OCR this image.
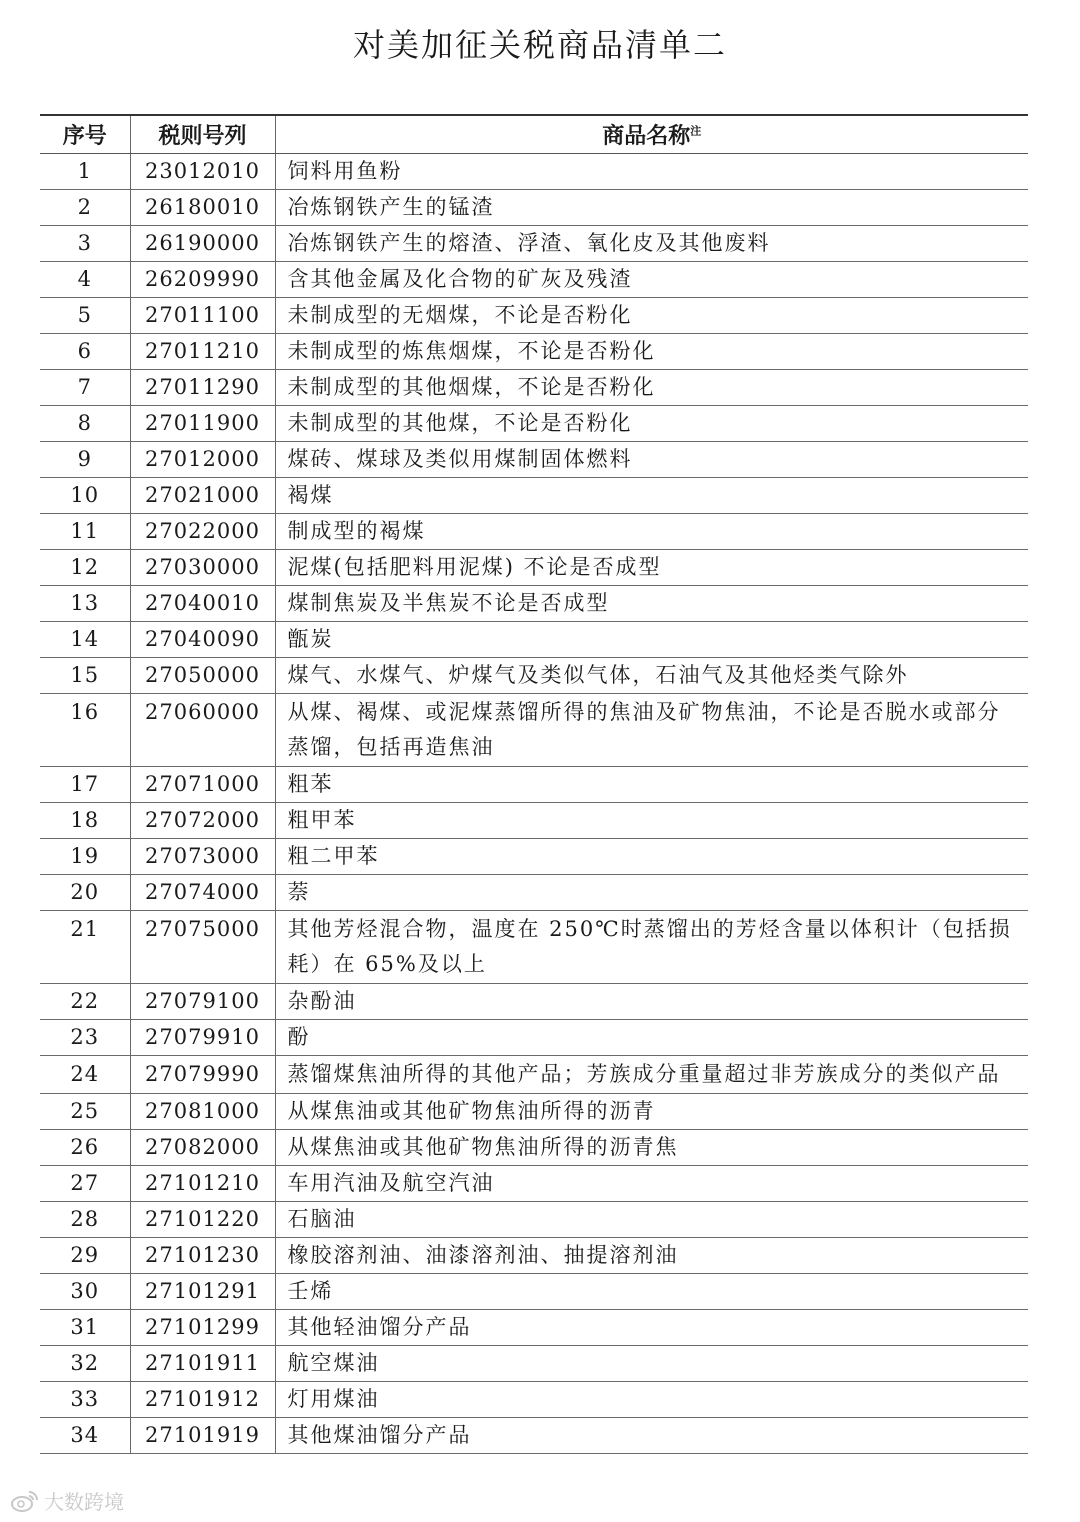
对美加征关税商品清单二
序号	税则号列	商品名称$^注$
1	23012010	饲料用鱼粉
2	26180010	冶炼钢铁产生的锰渣
3	26190000	冶炼钢铁产生的熔渣、浮渣、氧化皮及其他废料
4	26209990	含其他金属及化合物的矿灰及残渣
5	27011100	未制成型的无烟煤，不论是否粉化
6	27011210	未制成型的炼焦烟煤，不论是否粉化
7	27011290	未制成型的其他烟煤，不论是否粉化
8	27011900	未制成型的其他煤，不论是否粉化
9	27012000	煤砖、煤球及类似用煤制固体燃料
10	27021000	褐煤
11	27022000	制成型的褐煤
12	27030000	泥煤(包括肥料用泥煤) 不论是否成型
13	27040010	煤制焦炭及半焦炭不论是否成型
14	27040090	甑炭
15	27050000	煤气、水煤气、炉煤气及类似气体，石油气及其他烃类气除外
16	27060000	从煤、褐煤、或泥煤蒸馏所得的焦油及矿物焦油，不论是否脱水或部分蒸馏，包括再造焦油
17	27071000	粗苯
18	27072000	粗甲苯
19	27073000	粗二甲苯
20	27074000	萘
21	27075000	其他芳烃混合物，温度在 250℃时蒸馏出的芳烃含量以体积计（包括损耗）在 65%及以上
22	27079100	杂酚油
23	27079910	酚
24	27079990	蒸馏煤焦油所得的其他产品；芳族成分重量超过非芳族成分的类似产品
25	27081000	从煤焦油或其他矿物焦油所得的沥青
26	27082000	从煤焦油或其他矿物焦油所得的沥青焦
27	27101210	车用汽油及航空汽油
28	27101220	石脑油
29	27101230	橡胶溶剂油、油漆溶剂油、抽提溶剂油
30	27101291	壬烯
31	27101299	其他轻油馏分产品
32	27101911	航空煤油
33	27101912	灯用煤油
34	27101919	其他煤油馏分产品
大数跨境
